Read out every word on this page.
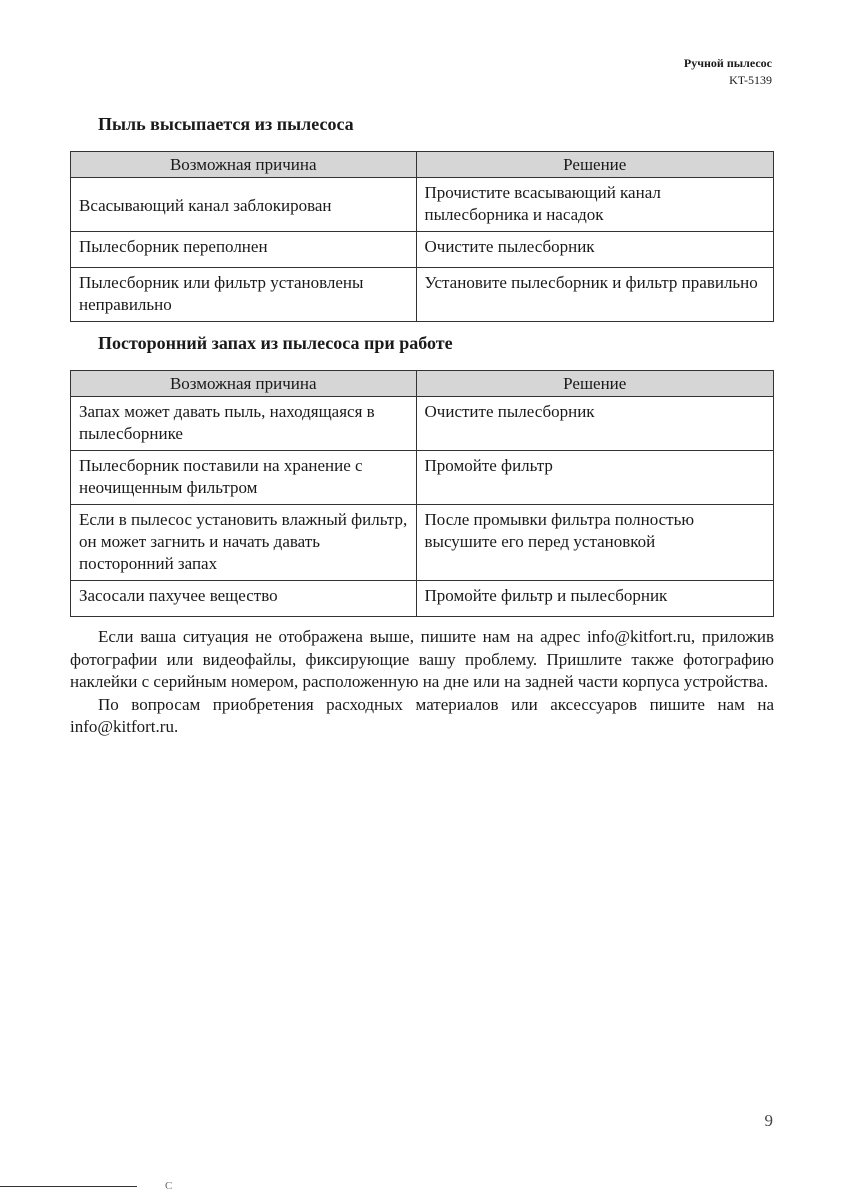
Ручной пылесос
KT-5139
Пыль высыпается из пылесоса
Возможная причина	Решение
Всасывающий канал заблокирован	Прочистите всасывающий канал пылесборника и насадок
Пылесборник переполнен	Очистите пылесборник
Пылесборник или фильтр установлены неправильно	Установите пылесборник и фильтр правильно
Посторонний запах из пылесоса при работе
Возможная причина	Решение
Запах может давать пыль, находящаяся в пылесборнике	Очистите пылесборник
Пылесборник поставили на хранение с неочищенным фильтром	Промойте фильтр
Если в пылесос установить влажный фильтр, он может загнить и начать давать посторонний запах	После промывки фильтра полностью высушите его перед установкой
Засосали пахучее вещество	Промойте фильтр и пылесборник

Если ваша ситуация не отображена выше, пишите нам на адрес info@kitfort.ru, приложив фотографии или видеофайлы, фиксирующие вашу проблему. Пришлите также фотографию наклейки с серийным номером, расположенную на дне или на задней части корпуса устройства.

По вопросам приобретения расходных материалов или аксессуаров пишите нам на info@kitfort.ru.

9
C
